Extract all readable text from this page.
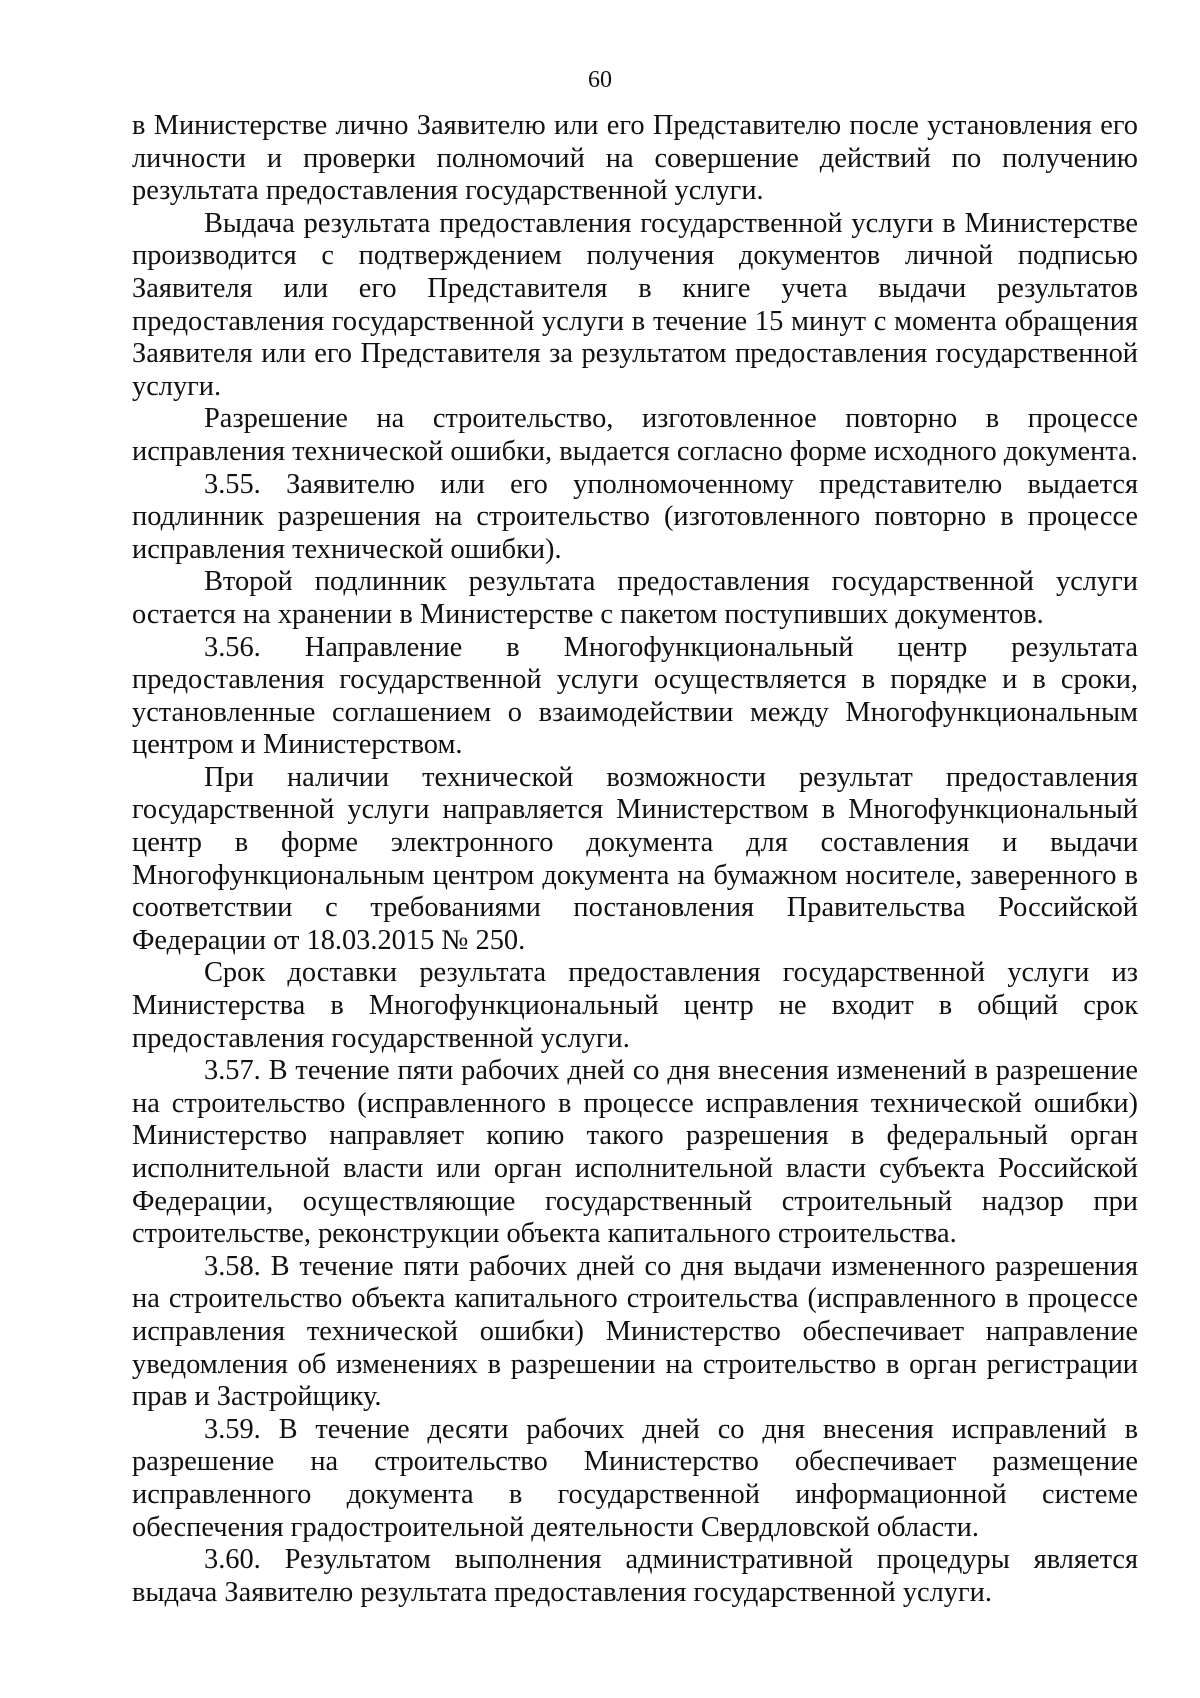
60

в Министерстве лично Заявителю или его Представителю после установления его личности и проверки полномочий на совершение действий по получению результата предоставления государственной услуги.

Выдача результата предоставления государственной услуги в Министерстве производится с подтверждением получения документов личной подписью Заявителя или его Представителя в книге учета выдачи результатов предоставления государственной услуги в течение 15 минут с момента обращения Заявителя или его Представителя за результатом предоставления государственной услуги.

Разрешение на строительство, изготовленное повторно в процессе исправления технической ошибки, выдается согласно форме исходного документа.

3.55. Заявителю или его уполномоченному представителю выдается подлинник разрешения на строительство (изготовленного повторно в процессе исправления технической ошибки).

Второй подлинник результата предоставления государственной услуги остается на хранении в Министерстве с пакетом поступивших документов.

3.56. Направление в Многофункциональный центр результата предоставления государственной услуги осуществляется в порядке и в сроки, установленные соглашением о взаимодействии между Многофункциональным центром и Министерством.

При наличии технической возможности результат предоставления государственной услуги направляется Министерством в Многофункциональный центр в форме электронного документа для составления и выдачи Многофункциональным центром документа на бумажном носителе, заверенного в соответствии с требованиями постановления Правительства Российской Федерации от 18.03.2015 № 250.

Срок доставки результата предоставления государственной услуги из Министерства в Многофункциональный центр не входит в общий срок предоставления государственной услуги.

3.57. В течение пяти рабочих дней со дня внесения изменений в разрешение на строительство (исправленного в процессе исправления технической ошибки) Министерство направляет копию такого разрешения в федеральный орган исполнительной власти или орган исполнительной власти субъекта Российской Федерации, осуществляющие государственный строительный надзор при строительстве, реконструкции объекта капитального строительства.

3.58. В течение пяти рабочих дней со дня выдачи измененного разрешения на строительство объекта капитального строительства (исправленного в процессе исправления технической ошибки) Министерство обеспечивает направление уведомления об изменениях в разрешении на строительство в орган регистрации прав и Застройщику.

3.59. В течение десяти рабочих дней со дня внесения исправлений в разрешение на строительство Министерство обеспечивает размещение исправленного документа в государственной информационной системе обеспечения градостроительной деятельности Свердловской области.

3.60. Результатом выполнения административной процедуры является выдача Заявителю результата предоставления государственной услуги.
